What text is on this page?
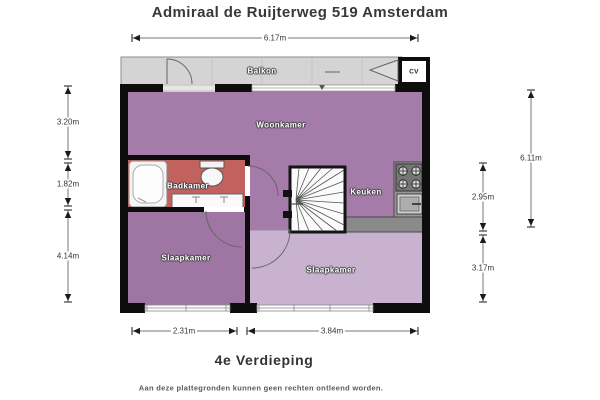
Admiraal de Ruijterweg 519 Amsterdam
Balkon	CV
Woonkamer
Badkamer
Keuken
Slaapkamer
Slaapkamer
6.17m
3.20m
1.82m
4.14m
6.11m
2.95m
3.17m
2.31m	3.84m
4e Verdieping
Aan deze plattegronden kunnen geen rechten ontleend worden.
